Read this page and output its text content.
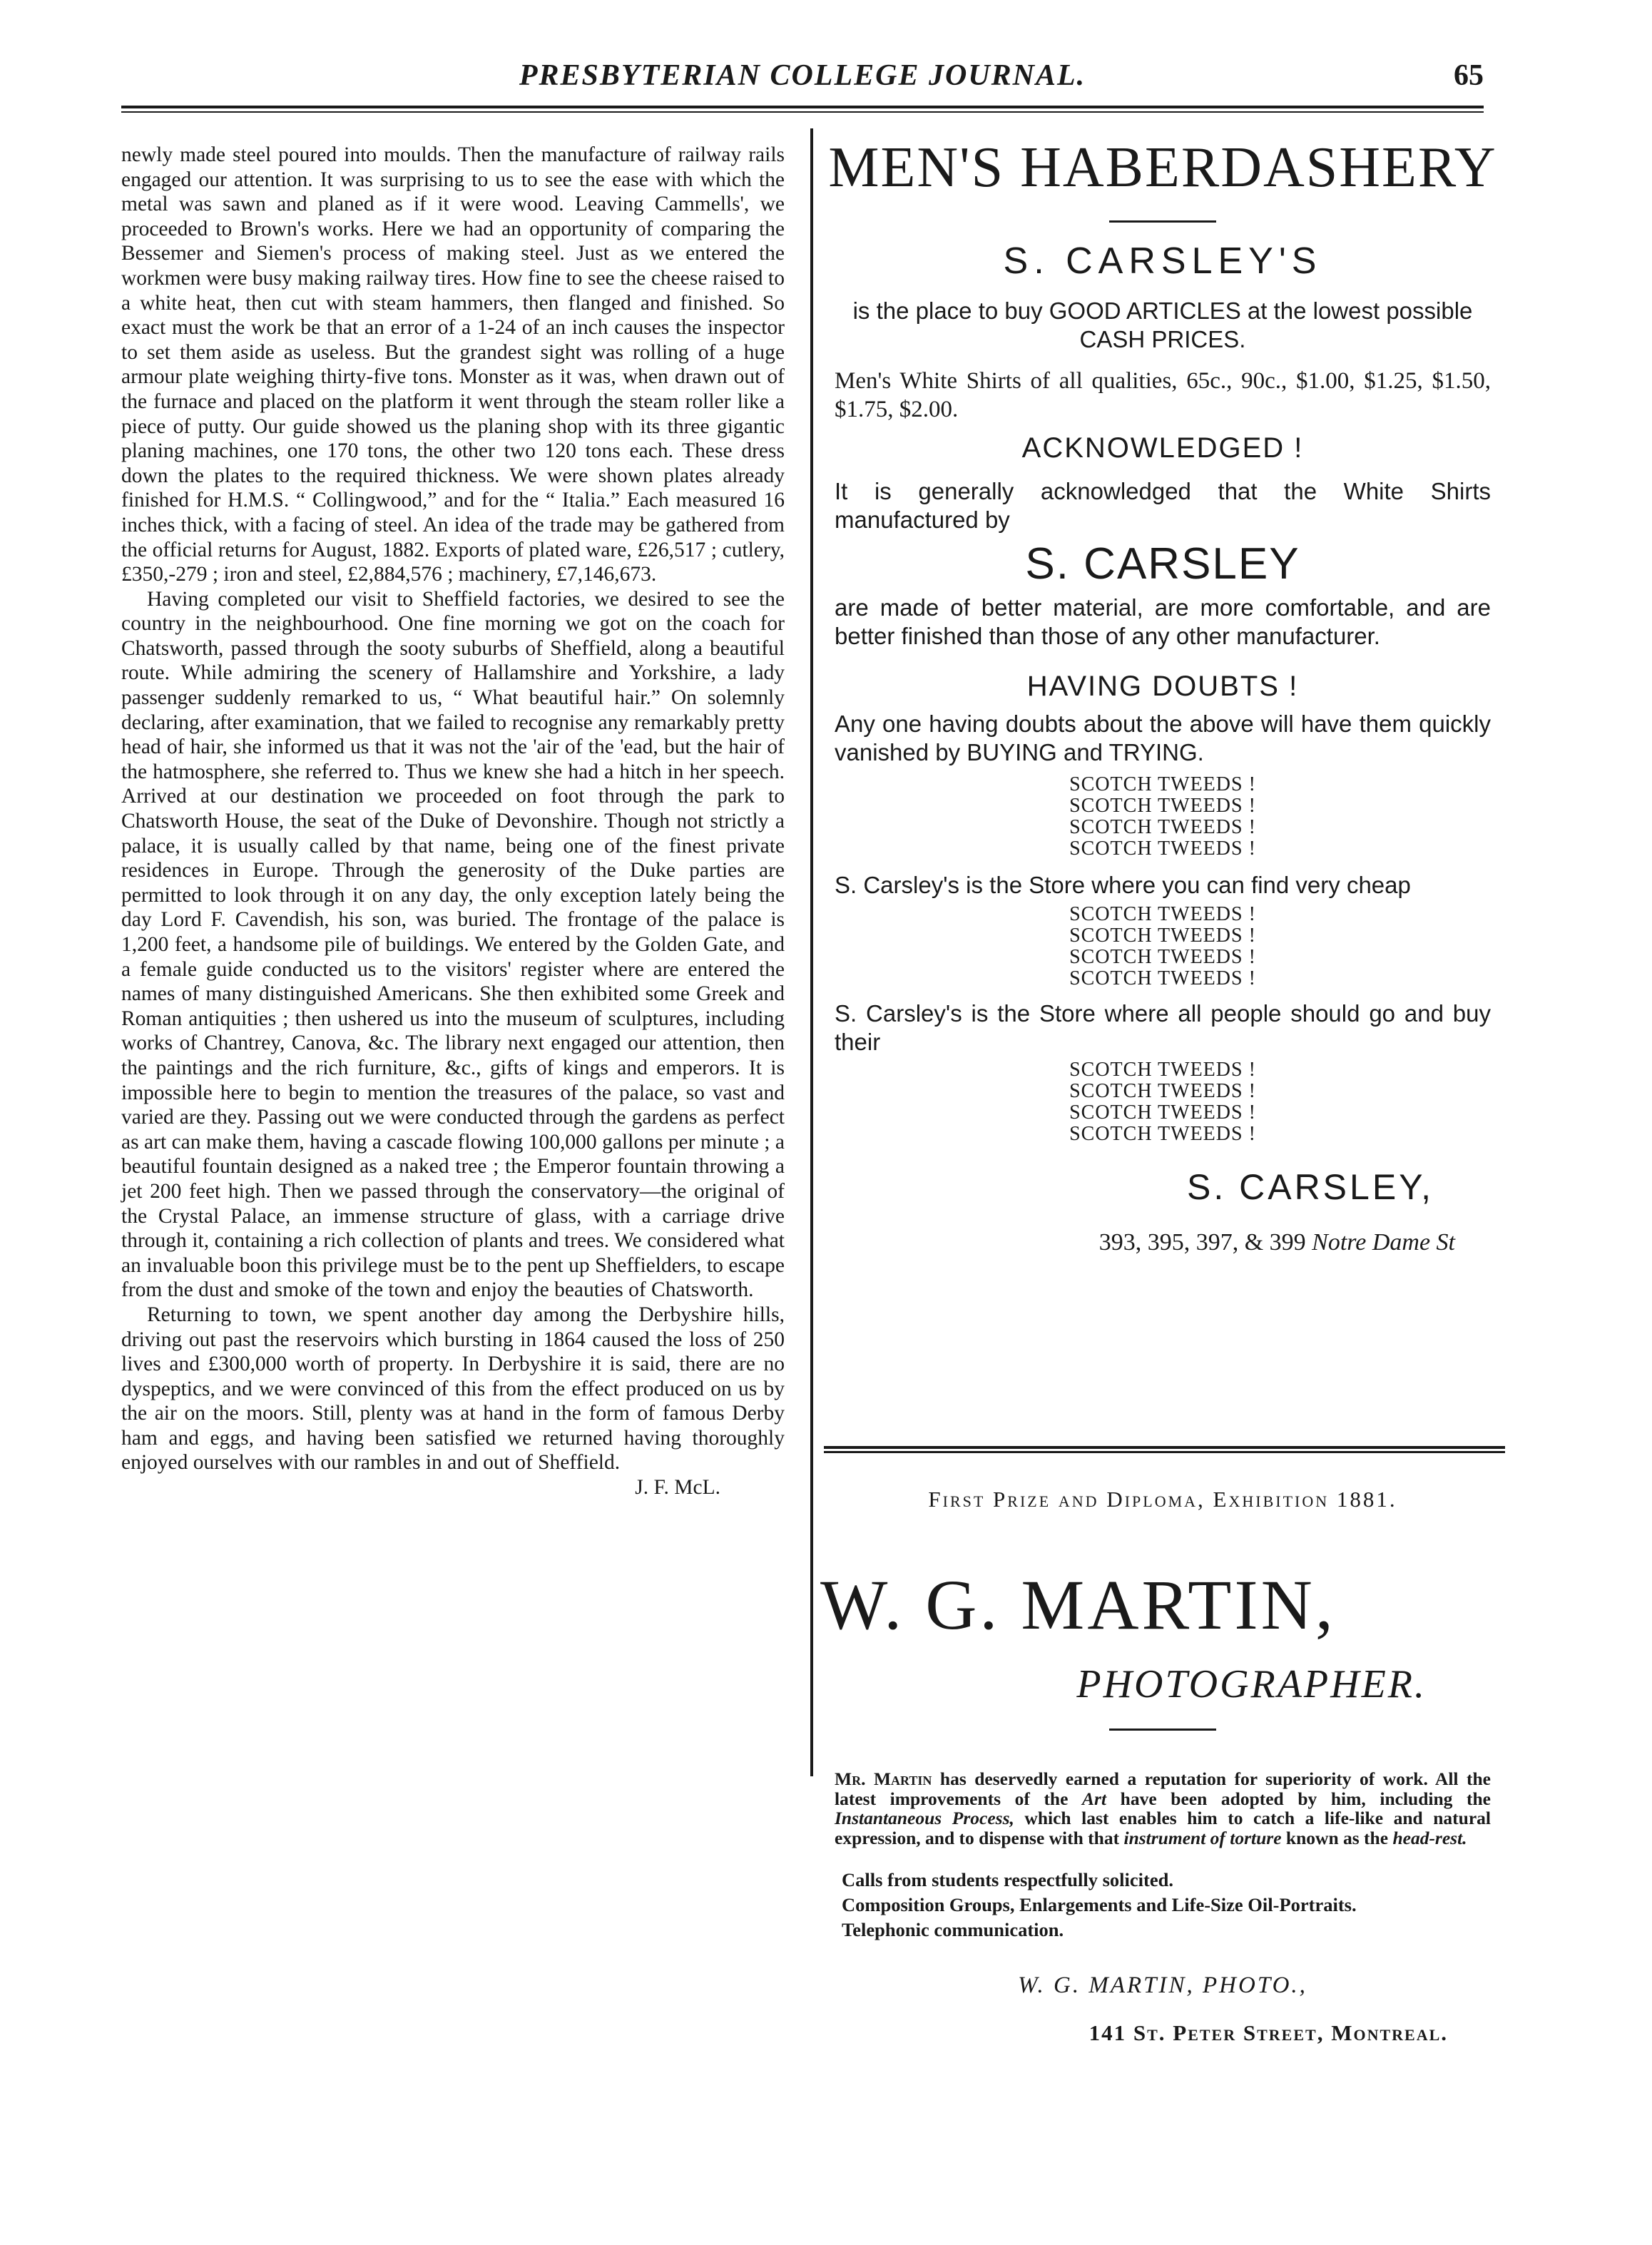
PRESBYTERIAN COLLEGE JOURNAL.	65

newly made steel poured into moulds. Then the manufacture of railway rails engaged our attention. It was surprising to us to see the ease with which the metal was sawn and planed as if it were wood. Leaving Cammells', we proceeded to Brown's works. Here we had an opportunity of comparing the Bessemer and Siemen's process of making steel. Just as we entered the workmen were busy making railway tires. How fine to see the cheese raised to a white heat, then cut with steam hammers, then flanged and finished. So exact must the work be that an error of a 1-24 of an inch causes the inspector to set them aside as useless. But the grandest sight was rolling of a huge armour plate weighing thirty-five tons. Monster as it was, when drawn out of the furnace and placed on the platform it went through the steam roller like a piece of putty. Our guide showed us the planing shop with its three gigantic planing machines, one 170 tons, the other two 120 tons each. These dress down the plates to the required thickness. We were shown plates already finished for H.M.S. “ Collingwood,” and for the “ Italia.” Each measured 16 inches thick, with a facing of steel. An idea of the trade may be gathered from the official returns for August, 1882. Exports of plated ware, £26,517 ; cutlery, £350,-279 ; iron and steel, £2,884,576 ; machinery, £7,146,673.

Having completed our visit to Sheffield factories, we desired to see the country in the neighbourhood. One fine morning we got on the coach for Chatsworth, passed through the sooty suburbs of Sheffield, along a beautiful route. While admiring the scenery of Hallamshire and Yorkshire, a lady passenger suddenly remarked to us, “ What beautiful hair.” On solemnly declaring, after examination, that we failed to recognise any remarkably pretty head of hair, she informed us that it was not the 'air of the 'ead, but the hair of the hatmosphere, she referred to. Thus we knew she had a hitch in her speech. Arrived at our destination we proceeded on foot through the park to Chatsworth House, the seat of the Duke of Devonshire. Though not strictly a palace, it is usually called by that name, being one of the finest private residences in Europe. Through the generosity of the Duke parties are permitted to look through it on any day, the only exception lately being the day Lord F. Cavendish, his son, was buried. The frontage of the palace is 1,200 feet, a handsome pile of buildings. We entered by the Golden Gate, and a female guide conducted us to the visitors' register where are entered the names of many distinguished Americans. She then exhibited some Greek and Roman antiquities ; then ushered us into the museum of sculptures, including works of Chantrey, Canova, &c. The library next engaged our attention, then the paintings and the rich furniture, &c., gifts of kings and emperors. It is impossible here to begin to mention the treasures of the palace, so vast and varied are they. Passing out we were conducted through the gardens as perfect as art can make them, having a cascade flowing 100,000 gallons per minute ; a beautiful fountain designed as a naked tree ; the Emperor fountain throwing a jet 200 feet high. Then we passed through the conservatory—the original of the Crystal Palace, an immense structure of glass, with a carriage drive through it, containing a rich collection of plants and trees. We considered what an invaluable boon this privilege must be to the pent up Sheffielders, to escape from the dust and smoke of the town and enjoy the beauties of Chatsworth.

Returning to town, we spent another day among the Derbyshire hills, driving out past the reservoirs which bursting in 1864 caused the loss of 250 lives and £300,000 worth of property. In Derbyshire it is said, there are no dyspeptics, and we were convinced of this from the effect produced on us by the air on the moors. Still, plenty was at hand in the form of famous Derby ham and eggs, and having been satisfied we returned having thoroughly enjoyed ourselves with our rambles in and out of Sheffield.

J. F. McL.
MEN'S HABERDASHERY
S. CARSLEY'S

is the place to buy GOOD ARTICLES at the lowest possible CASH PRICES.

Men's White Shirts of all qualities, 65c., 90c., $1.00, $1.25, $1.50, $1.75, $2.00.

ACKNOWLEDGED !

It is generally acknowledged that the White Shirts manufactured by

S. CARSLEY

are made of better material, are more comfortable, and are better finished than those of any other manufacturer.

HAVING DOUBTS !

Any one having doubts about the above will have them quickly vanished by BUYING and TRYING.

SCOTCH TWEEDS !
SCOTCH TWEEDS !
SCOTCH TWEEDS !
SCOTCH TWEEDS !

S. Carsley's is the Store where you can find very cheap

SCOTCH TWEEDS !
SCOTCH TWEEDS !
SCOTCH TWEEDS !
SCOTCH TWEEDS !

S. Carsley's is the Store where all people should go and buy their

SCOTCH TWEEDS !
SCOTCH TWEEDS !
SCOTCH TWEEDS !
SCOTCH TWEEDS !
S. CARSLEY,
393, 395, 397, & 399 Notre Dame St
First Prize and Diploma, Exhibition 1881.
W. G. MARTIN,
PHOTOGRAPHER.

Mr. Martin has deservedly earned a reputation for superiority of work. All the latest improvements of the Art have been adopted by him, including the Instantaneous Process, which last enables him to catch a life-like and natural expression, and to dispense with that instrument of torture known as the head-rest.

Calls from students respectfully solicited.
Composition Groups, Enlargements and Life-Size Oil-Portraits.
Telephonic communication.
W. G. MARTIN, PHOTO.,
141 St. Peter Street, Montreal.
